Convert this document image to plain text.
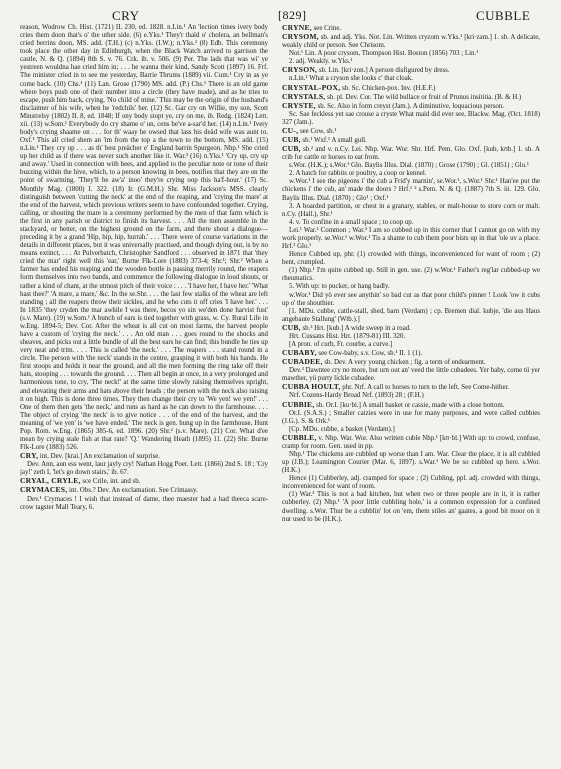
CRY	[829]	CUBBLE

reason, Wodrow Ch. Hist. (1721) II. 230, ed. 1828. n.Lin.¹ An 'lection times ivery body cries them doon that's o' the uther side. (6) e.Yks.¹ They'r thaïd o' cholera, an bellman's cried berrins doon, MS. add. (T.H.) (c) n.Yks. (I.W.); n.Yks.² (8) Edb. This ceremony took place the other day in Edinburgh, when the Black Watch arrived to garrison the castle, N. & Q. (1894) 8th S. v. 76. Crk. ib. v. 506. (9) Per. The lads that was wi' ye yestreen wouldna hae cried him in; . . . he wanna their kind, Sandy Scott (1897) 16. Frf. The minister cried in to see me yesterday, Barrie Thrums (1889) vii. Cum.¹ Cry in as ye come back. (10) Chs.¹ (11) Lan. Grose (1790) MS. add. (P.) Chs.¹ There is an old game where boys push one of their number into a circle (they have made), and as he tries to escape, push him back, crying, 'No child of mine.' This may be the origin of the husband's disclaimer of his wife, when he 'redchils' her. (12) Sc. Gar cry on Willie, my son, Scott Minstrelsy (1802) II. 8, ed. 1848; If ony body stopt ye, cry on me, ib. Redg. (1824) Lett. xii. (13) w.Som.¹ Everybody do cry shame o' un, cens he've a-sar'd her. (14) n.Lin.¹ Ivery body's crying shaame on . . . for th' waay he owsed that lass his deäd wife was aunt to. Oxf.¹ This all cried shem an 'im from the top a the town to the bottom, MS. add. (15) n.Lin.¹ They cry up . . . as th' best preächer e' England barrin Spurgeon. Nhp.¹ She cried up her child as if there was never such another like it. War.³ (16) n.Yks.¹ 'Cry up, cry up and away.' Used in connection with bees, and applied to the peculiar note or tone of their buzzing within the hive, which, to a person knowing in bees, notifies that they are on the point of swarming. 'They'll be aw'a' inoo' they're crying oop this ha'f-hour.' (17) Sc. Monthly Mag. (1800) I. 322. (18) Ir. (G.M.H.) Shr. Miss Jackson's MSS. clearly distinguish between 'cutting the neck' at the end of the reaping, and 'crying the mare' at the end of the harvest, which previous writers seem to have confounded together. Crying, calling, or shouting the mare is a ceremony performed by the men of that farm which is the first in any parish or district to finish its harvest. . . . All the men assemble in the stackyard, or better, on the highest ground on the farm, and there shout a dialogue—preceding it by a grand 'Hip, hip, hip, hurrah.' . . . There were of course variations in the details in different places, but it was universally practised, and though dying out, is by no means extinct, . . . At Pulverbatch, Christopher Sandford . . . observed in 1871 that 'they cried the mar' right well this 'ear,' Burne Flk-Lore (1883) 373-4; Shr.¹; Shr.² When a farmer has ended his reaping and the wooden bottle is passing merrily round, the reapers form themselves into two bands, and commence the following dialogue in loud shouts, or rather a kind of chant, at the utmost pitch of their voice : . . . 'I have her, I have her.' 'What hast thee?' 'A mare, a mare,' &c. In the se.Shr. . . . the last few stalks of the wheat are left standing ; all the reapers throw their sickles, and he who cuts it off cries 'I have her.' . . . In 1835 'they cryden the mar awhile I was there, becos yo sin we'den done harvist fust' (s.v. Mare). (19) w.Som.¹ A bunch of ears is tied together with grass, w. Cy. Rural Life in w.Eng. 1894-5; Dev. Cor. After the wheat is all cut on most farms, the harvest people have a custom of 'crying the neck.' . . . An old man . . . goes round to the shocks and sheaves, and picks out a little bundle of all the best ears he can find; this bundle he ties up very neat and trim. . . . This is called 'the neck.' . . . The reapers . . . stand round in a circle. The person with 'the neck' stands in the centre, grasping it with both his hands. He first stoops and holds it near the ground, and all the men forming the ring take off their hats, stooping . . . towards the ground. . . . Then all begin at once, in a very prolonged and harmonious tone, to cry, 'The neck!' at the same time slowly raising themselves upright, and elevating their arms and hats above their heads ; the person with the neck also raising it on high. This is done three times. They then change their cry to 'We yen! we yen!' . . . One of them then gets 'the neck,' and runs as hard as he can down to the farmhouse. . . . The object of crying 'the neck' is to give notice . . . of the end of the harvest, and the meaning of 'we yen' is 'we have ended.' The neck is gen. hung up in the farmhouse, Hunt Pop. Rom. w.Eng. (1865) 385-6, ed. 1896. (20) Shr.² (s.v. Mare). (21) Cor. What d'ee mean by crying stale fish at that rate? 'Q.' Wandering Heath (1895) 11. (22) Shr. Burne Flk-Lore (1883) 526.

CRY, int. Dev. [krai.] An exclamation of surprise.

Dev. Ann, aun ess went, laur jayly cry! Nathan Hogg Poet. Lett. (1866) 2nd S. 18 ; 'Cry jay!' zeth I, 'let's go down stairs,' ib. 67.

CRYAL, CRYLE, sce Crile, int. and sb.

CRYMACES, int. Obs.? Dev. An exclamation. See Crimassy.

Dev.¹ Crymaces ! I wish that instead of dame, thee maester had a had theeca scare-crow tagster Mall Teary, 6.

CRYNE, see Crine.

CRYSOM, sb. and adj. Yks. Not. Lin. Written cryzom w.Yks.¹ [kri·zəm.] 1. sb. A delicate, weakly child or person. See Chrisom.

Not.¹ Lin. A poor crysom, Thompson Hist. Boston (1856) 703 ; Lin.¹

2. adj. Weakly. w.Yks.¹

CRYSON, sb. Lin. [kri·zon.] A person disfigured by dress.

n.Lin.¹ What a cryson she looks c' that cloak.

CRYSTAL-POX, sb. Sc. Chicken-pox. Inv. (H.E.F.)

CRYSTALS, sb. pl. Dev. Cor. The wild bullace or fruit of Prunus insititia. (B. & H.)

CRYSTE, sb. Sc. Also in form creyst (Jam.). A diminutive, loquacious person.

Sc. Sae feckless yet sae crouse a cryste What maid did ever see, Blackw. Mag. (Oct. 1818) 327 (Jam.).

CU-, see Cow, sb.¹

CUB, sb.¹ Wxf.¹ A small gull.

CUB, sb.² and v. n.Cy. Lei. Nhp. War. Wor. Shr. Hrf. Pem. Glo. Oxf. [kub, kʊb.] 1. sb. A crib for cattle or horses to eat from.

s.Wor. (H.K.); s.Wor.¹ Glo. Baylis Illus. Dial. (1870) ; Grose (1790) ; Gl. (1851) ; Glo.¹

2. A hatch for rabbits or poultry, a coop or kennel.

w.Wor.¹ I see the pigeons i' the cub a Frid'y marnin', se.Wor.¹, s.Wor.¹ Shr.¹ Han'ee put the chickens i' the cub, an' made the doors ? Hrf.¹ ² s.Pem. N. & Q. (1887) 7th S. iii. 129. Glo. Baylis Illus. Dial. (1870) ; Glo¹ ; Oxf.¹

3. A boarded partition, or chest in a granary, stables, or malt-house to store corn or malt. n.Cy. (Hall.), Shr.¹

4. v. To confine in a small space ; to coop up.

Lei.¹ War.² Common ; War.³ I am so cubbed up in this corner that I cannot go on with my work properly. se.Wor.¹ w.Wor.¹ Tis a shame to cub them poor bists up in that 'ole uv a place. Hrf.² Glo.¹

Hence Cubbed up, phr. (1) crowded with things, inconvenienced for want of room ; (2) bent, crumpled.

(1) Nhp.¹ I'm quite cubbed up. Still in gen. use. (2) w.Wor.¹ Father's reg'lar cubbed-up we rheumatics.

5. With up: to pucker, or hang badly.

w.Wor.¹ Did yö ever see anythin' so bad cut as that poor child's pinner ! Look 'ow it cubs up o' the shouthier.

[1. MDu. cubbe, cattle-stall, shed, barn (Verdam) ; cp. Bremen dial. kubje, 'die aus Haus angebaute Stallung' (Wtb.).]

CUB, sb.³ Hrt. [kub.] A wide sweep in a road.

Hrt. Cussans Hist. Hrt. (1879-81) III. 320.

[A pron. of curb, Fr. courbe, a curve.]

CUBABY, see Cow-baby, s.v. Cow, sb.¹ II. 1 (1).

CUBADEE, sb. Dev. A very young chicken ; fig. a term of endearment.

Dev.³ Dawntee cry no more, but urn out an' veed the little cubadees. Yer baby, come tü yer mawther, yü purty lickle cubadee.

CUBBA HOULT, phr. Nrf. A call to horses to turn to the left. See Come-hither.

Nrf. Cozens-Hardy Broad Nrf. (1893) 28 ; (F.H.)

CUBBIE, sb. Or.I. [ku·bi.] A small basket or cassie, made with a close bottom.

Or.I. (S.A.S.) ; Smaller caizies were in use for many purposes, and were called cubbies (J.G.). S. & Ork.¹

[Cp. MDu. cubbe, a basket (Verdam).]

CUBBLE, v. Nhp. War. Wor. Also written cuble Nhp.¹ [kʊ·bl.] With up: to crowd, confuse, cramp for room. Gen. used in pp.

Nhp.¹ The chickens are cubbled up worse than I am. War. Clear the place, it is all cubbled up (J.B.); Leamington Courier (Mar. 6, 1897). s.War.¹ We be so cubbled up here. s.Wor. (H.K.)

Hence (1) Cubberley, adj. cramped for space ; (2) Cubling, ppl. adj. crowded with things, inconvenienced for want of room.

(1) War.³ This is not a bad kitchen, but when two or three people are in it, it is rather cubberley. (2) Nhp.¹ 'A poor little cubbling hole,' is a common expression for a confined dwelling. s.Wor. Thur be a cubblin' lot on 'em, them stiles an' gaates, a good bit moor on it nur used to be (H.K.).
